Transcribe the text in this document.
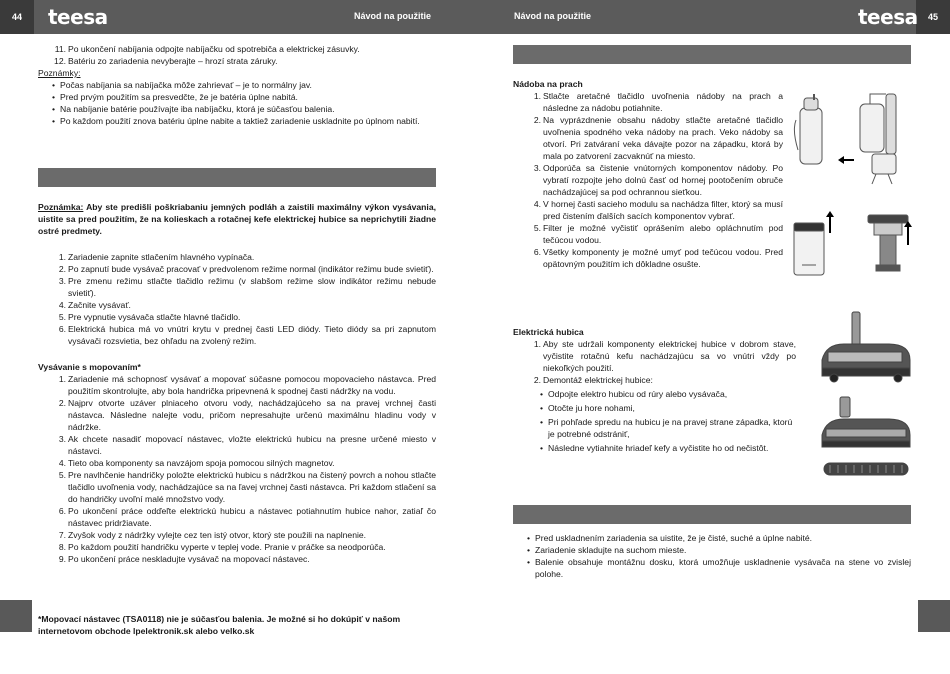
44	45
teesa	teesa
Návod na použitie	Návod na použitie
11. Po ukončení nabíjania odpojte nabíjačku od spotrebiča a elektrickej zásuvky.
12. Batériu zo zariadenia nevyberajte – hrozí strata záruky.

Poznámky:

• Počas nabíjania sa nabíjačka môže zahrievať – je to normálny jav.
• Pred prvým použitím sa presvedčte, že je batéria úplne nabitá.
• Na nabíjanie batérie používajte iba nabíjačku, ktorá je súčasťou balenia.
• Po každom použití znova batériu úplne nabite a taktiež zariadenie uskladnite po úplnom nabití.
Poznámka: Aby ste predišli poškriabaniu jemných podláh a zaistili maximálny výkon vysávania, uistite sa pred použitím, že na kolieskach a rotačnej kefe elektrickej hubice sa neprichytili žiadne ostré predmety.
1. Zariadenie zapnite stlačením hlavného vypínača.
2. Po zapnutí bude vysávač pracovať v predvolenom režime normal (indikátor režimu bude svietiť).
3. Pre zmenu režimu stlačte tlačidlo režimu (v slabšom režime slow indikátor režimu nebude svietiť).
4. Začnite vysávať.
5. Pre vypnutie vysávača stlačte hlavné tlačidlo.
6. Elektrická hubica má vo vnútri krytu v prednej časti LED diódy. Tieto diódy sa pri zapnutom vysávači rozsvietia, bez ohľadu na zvolený režim.

Vysávanie s mopovaním*

1. Zariadenie má schopnosť vysávať a mopovať súčasne pomocou mopovacieho nástavca. Pred použitím skontrolujte, aby bola handrička pripevnená k spodnej časti nádržky na vodu.
2. Najprv otvorte uzáver plniaceho otvoru vody, nachádzajúceho sa na pravej vrchnej časti nástavca. Následne nalejte vodu, pričom nepresahujte určenú maximálnu hladinu vody v nádržke.
3. Ak chcete nasadiť mopovací nástavec, vložte elektrickú hubicu na presne určené miesto v nástavci.
4. Tieto oba komponenty sa navzájom spoja pomocou silných magnetov.
5. Pre navlhčenie handričky položte elektrickú hubicu s nádržkou na čistený povrch a nohou stlačte tlačidlo uvoľnenia vody, nachádzajúce sa na ľavej vrchnej časti nástavca. Pri každom stlačení sa do handričky uvoľní malé množstvo vody.
6. Po ukončení práce odďeľte elektrickú hubicu a nástavec potiahnutím hubice nahor, zatiaľ čo nástavec pridržiavate.
7. Zvyšok vody z nádržky vylejte cez ten istý otvor, ktorý ste použili na naplnenie.
8. Po každom použití handričku vyperte v teplej vode. Pranie v práčke sa neodporúča.
9. Po ukončení práce neskladujte vysávač na mopovací nástavec.
*Mopovací nástavec (TSA0118) nie je súčasťou balenia. Je možné si ho dokúpiť v našom internetovom obchode lpelektronik.sk alebo velko.sk

Nádoba na prach

1. Stlačte aretačné tlačidlo uvoľnenia nádoby na prach a následne za nádobu potiahnite.
2. Na vyprázdnenie obsahu nádoby stlačte aretačné tlačidlo uvoľnenia spodného veka nádoby na prach. Veko nádoby sa otvorí. Pri zatváraní veka dávajte pozor na západku, ktorá by mala po zatvorení zacvaknúť na miesto.
3. Odporúča sa čistenie vnútorných komponentov nádoby. Po vybratí rozpojte jeho dolnú časť od hornej pootočením obruče nachádzajúcej sa pod ochrannou sieťkou.
4. V hornej časti sacieho modulu sa nachádza filter, ktorý sa musí pred čistením ďalších sacích komponentov vybrať.
5. Filter je možné vyčistiť oprášením alebo opláchnutím pod tečúcou vodou.
6. Všetky komponenty je možné umyť pod tečúcou vodou. Pred opätovným použitím ich dôkladne osušte.

Elektrická hubica

1. Aby ste udržali komponenty elektrickej hubice v dobrom stave, vyčistite rotačnú kefu nachádzajúcu sa vo vnútri vždy po niekoľkých použití.
2. Demontáž elektrickej hubice:
• Odpojte elektro hubicu od rúry alebo vysávača,
• Otočte ju hore nohami,
• Pri pohľade spredu na hubicu je na pravej strane západka, ktorú je potrebné odstrániť,
• Následne vytiahnite hriadeľ kefy a vyčistite ho od nečistôt.
• Pred uskladnením zariadenia sa uistite, že je čisté, suché a úplne nabité.
• Zariadenie skladujte na suchom mieste.
• Balenie obsahuje montážnu dosku, ktorá umožňuje uskladnenie vysávača na stene vo zvislej polohe.
